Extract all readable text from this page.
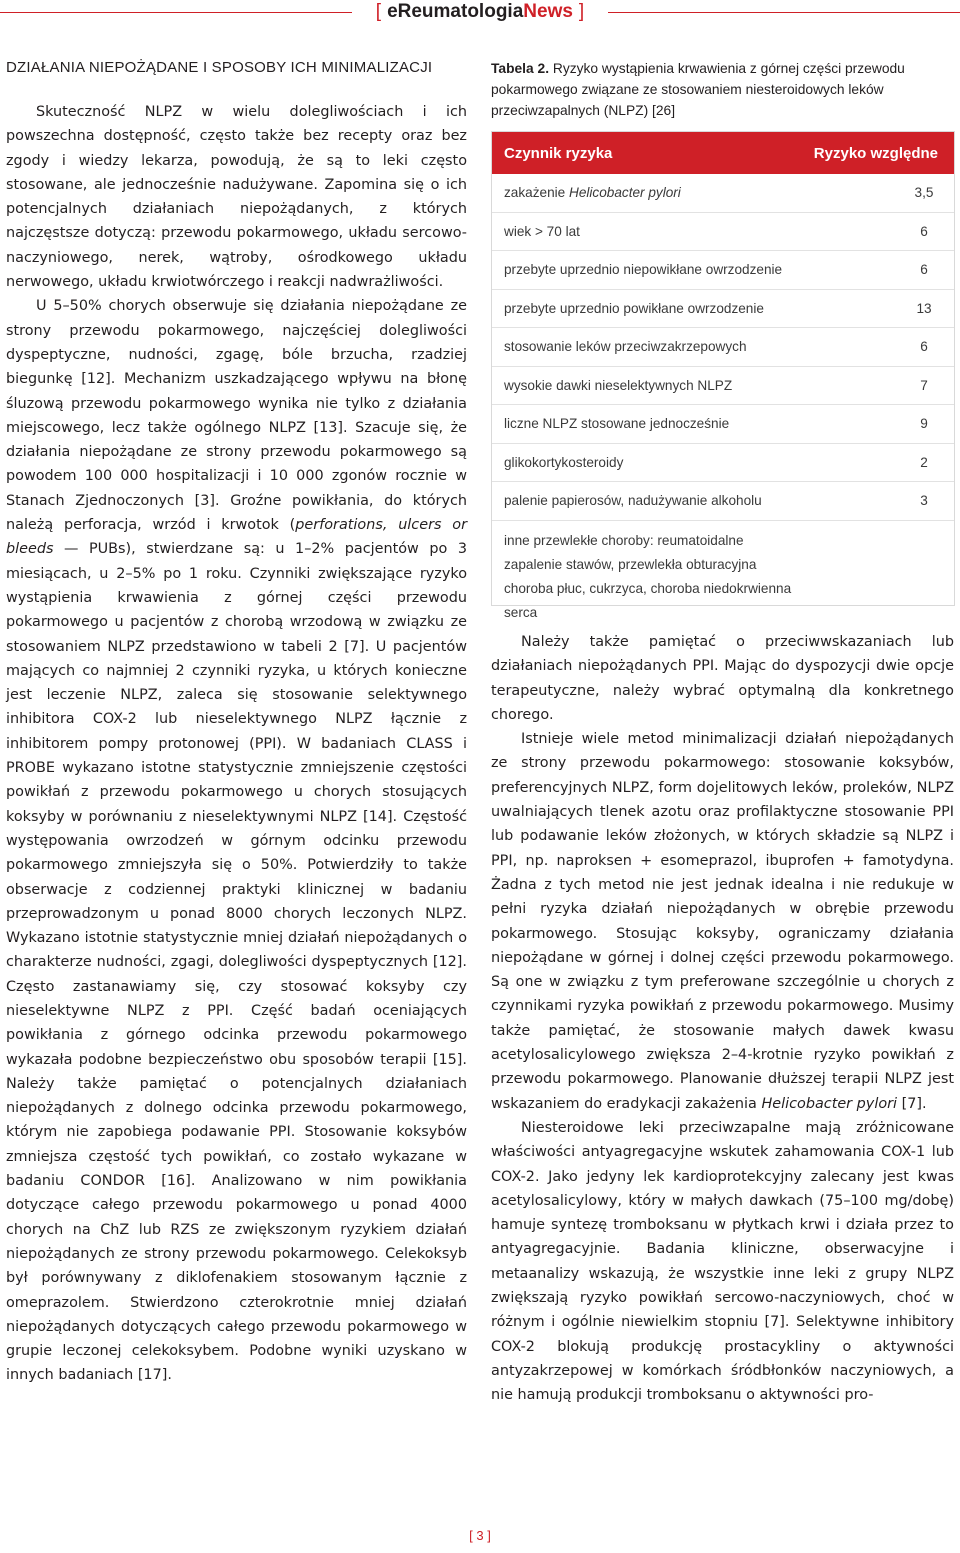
[ eReumatologiaNews ]
DZIAŁANIA NIEPOŻĄDANE I SPOSOBY ICH MINIMALIZACJI

Skuteczność NLPZ w wielu dolegliwościach i ich powszechna dostępność, często także bez recepty oraz bez zgody i wiedzy lekarza, powodują, że są to leki często stosowane, ale jednocześnie nadużywane. Zapomina się o ich potencjalnych działaniach niepożądanych, z których najczęstsze dotyczą: przewodu pokarmowego, układu sercowo-naczyniowego, nerek, wątroby, ośrodkowego układu nerwowego, układu krwiotwórczego i reakcji nadwrażliwości.

U 5–50% chorych obserwuje się działania niepożądane ze strony przewodu pokarmowego, najczęściej dolegliwości dyspeptyczne, nudności, zgagę, bóle brzucha, rzadziej biegunkę [12]. Mechanizm uszkadzającego wpływu na błonę śluzową przewodu pokarmowego wynika nie tylko z działania miejscowego, lecz także ogólnego NLPZ [13]. Szacuje się, że działania niepożądane ze strony przewodu pokarmowego są powodem 100 000 hospitalizacji i 10 000 zgonów rocznie w Stanach Zjednoczonych [3]. Groźne powikłania, do których należą perforacja, wrzód i krwotok (perforations, ulcers or bleeds — PUBs), stwierdzane są: u 1–2% pacjentów po 3 miesiącach, u 2–5% po 1 roku. Czynniki zwiększające ryzyko wystąpienia krwawienia z górnej części przewodu pokarmowego u pacjentów z chorobą wrzodową w związku ze stosowaniem NLPZ przedstawiono w tabeli 2 [7]. U pacjentów mających co najmniej 2 czynniki ryzyka, u których konieczne jest leczenie NLPZ, zaleca się stosowanie selektywnego inhibitora COX-2 lub nieselektywnego NLPZ łącznie z inhibitorem pompy protonowej (PPI). W badaniach CLASS i PROBE wykazano istotne statystycznie zmniejszenie częstości powikłań z przewodu pokarmowego u chorych stosujących koksyby w porównaniu z nieselektywnymi NLPZ [14]. Częstość występowania owrzodzeń w górnym odcinku przewodu pokarmowego zmniejszyła się o 50%. Potwierdziły to także obserwacje z codziennej praktyki klinicznej w badaniu przeprowadzonym u ponad 8000 chorych leczonych NLPZ. Wykazano istotnie statystycznie mniej działań niepożądanych o charakterze nudności, zgagi, dolegliwości dyspeptycznych [12]. Często zastanawiamy się, czy stosować koksyby czy nieselektywne NLPZ z PPI. Część badań oceniających powikłania z górnego odcinka przewodu pokarmowego wykazała podobne bezpieczeństwo obu sposobów terapii [15]. Należy także pamiętać o potencjalnych działaniach niepożądanych z dolnego odcinka przewodu pokarmowego, którym nie zapobiega podawanie PPI. Stosowanie koksybów zmniejsza częstość tych powikłań, co zostało wykazane w badaniu CONDOR [16]. Analizowano w nim powikłania dotyczące całego przewodu pokarmowego u ponad 4000 chorych na ChZ lub RZS ze zwiększonym ryzykiem działań niepożądanych ze strony przewodu pokarmowego. Celekoksyb był porównywany z diklofenakiem stosowanym łącznie z omeprazolem. Stwierdzono czterokrotnie mniej działań niepożądanych dotyczących całego przewodu pokarmowego w grupie leczonej celekoksybem. Podobne wyniki uzyskano w innych badaniach [17].

Tabela 2. Ryzyko wystąpienia krwawienia z górnej części przewodu pokarmowego związane ze stosowaniem niesteroidowych leków przeciwzapalnych (NLPZ) [26]
Czynnik ryzyka	Ryzyko względne
zakażenie Helicobacter pylori	3,5
wiek > 70 lat	6
przebyte uprzednio niepowikłane owrzodzenie	6
przebyte uprzednio powikłane owrzodzenie	13
stosowanie leków przeciwzakrzepowych	6
wysokie dawki nieselektywnych NLPZ	7
liczne NLPZ stosowane jednocześnie	9
glikokortykosteroidy	2
palenie papierosów, nadużywanie alkoholu	3
inne przewlekłe choroby: reumatoidalne zapalenie stawów, przewlekła obturacyjna choroba płuc, cukrzyca, choroba niedokrwienna serca

Należy także pamiętać o przeciwwskazaniach lub działaniach niepożądanych PPI. Mając do dyspozycji dwie opcje terapeutyczne, należy wybrać optymalną dla konkretnego chorego.

Istnieje wiele metod minimalizacji działań niepożądanych ze strony przewodu pokarmowego: stosowanie koksybów, preferencyjnych NLPZ, form dojelitowych leków, proleków, NLPZ uwalniających tlenek azotu oraz profilaktyczne stosowanie PPI lub podawanie leków złożonych, w których składzie są NLPZ i PPI, np. naproksen + esomeprazol, ibuprofen + famotydyna. Żadna z tych metod nie jest jednak idealna i nie redukuje w pełni ryzyka działań niepożądanych w obrębie przewodu pokarmowego. Stosując koksyby, ograniczamy działania niepożądane w górnej i dolnej części przewodu pokarmowego. Są one w związku z tym preferowane szczególnie u chorych z czynnikami ryzyka powikłań z przewodu pokarmowego. Musimy także pamiętać, że stosowanie małych dawek kwasu acetylosalicylowego zwiększa 2–4-krotnie ryzyko powikłań z przewodu pokarmowego. Planowanie dłuższej terapii NLPZ jest wskazaniem do eradykacji zakażenia Helicobacter pylori [7].

Niesteroidowe leki przeciwzapalne mają zróżnicowane właściwości antyagregacyjne wskutek zahamowania COX-1 lub COX-2. Jako jedyny lek kardioprotekcyjny zalecany jest kwas acetylosalicylowy, który w małych dawkach (75–100 mg/dobę) hamuje syntezę tromboksanu w płytkach krwi i działa przez to antyagregacyjnie. Badania kliniczne, obserwacyjne i metaanalizy wskazują, że wszystkie inne leki z grupy NLPZ zwiększają ryzyko powikłań sercowo-naczyniowych, choć w różnym i ogólnie niewielkim stopniu [7]. Selektywne inhibitory COX-2 blokują produkcję prostacykliny o aktywności antyzakrzepowej w komórkach śródbłonków naczyniowych, a nie hamują produkcji tromboksanu o aktywności pro-

[ 3 ]
